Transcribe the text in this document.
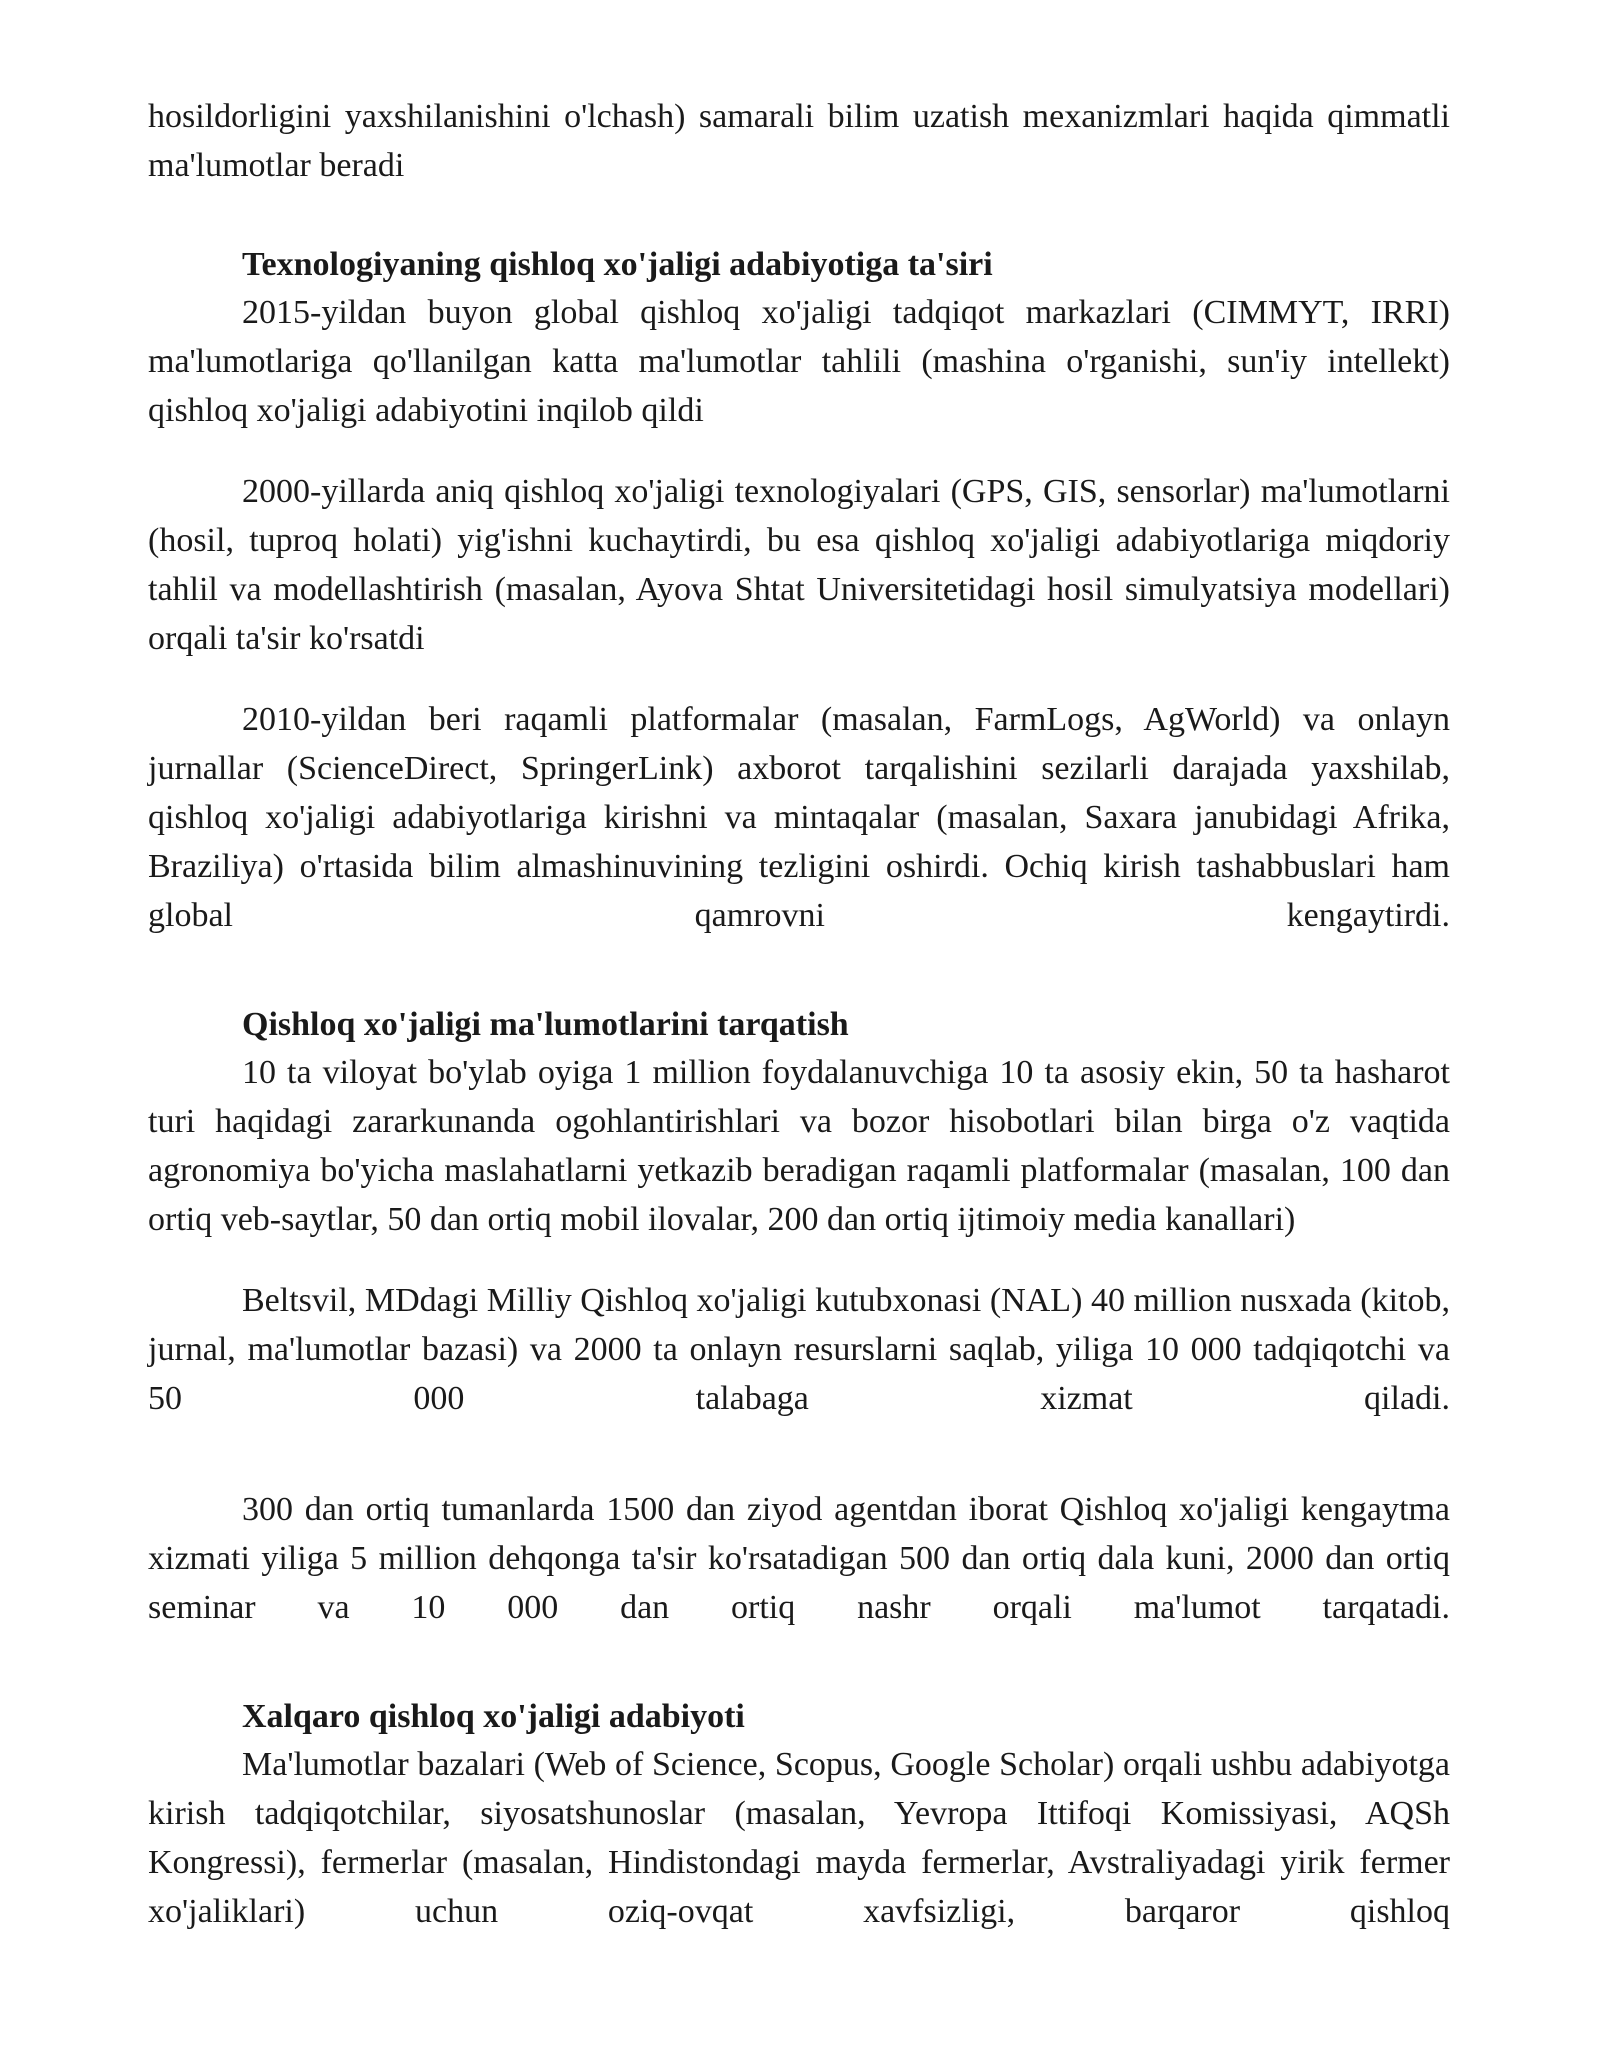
hosildorligini yaxshilanishini o'lchash) samarali bilim uzatish mexanizmlari haqida qimmatli ma'lumotlar beradi

Texnologiyaning qishloq xo'jaligi adabiyotiga ta'siri

2015-yildan buyon global qishloq xo'jaligi tadqiqot markazlari (CIMMYT, IRRI) ma'lumotlariga qo'llanilgan katta ma'lumotlar tahlili (mashina o'rganishi, sun'iy intellekt) qishloq xo'jaligi adabiyotini inqilob qildi

2000-yillarda aniq qishloq xo'jaligi texnologiyalari (GPS, GIS, sensorlar) ma'lumotlarni (hosil, tuproq holati) yig'ishni kuchaytirdi, bu esa qishloq xo'jaligi adabiyotlariga miqdoriy tahlil va modellashtirish (masalan, Ayova Shtat Universitetidagi hosil simulyatsiya modellari) orqali ta'sir ko'rsatdi

2010-yildan beri raqamli platformalar (masalan, FarmLogs, AgWorld) va onlayn jurnallar (ScienceDirect, SpringerLink) axborot tarqalishini sezilarli darajada yaxshilab, qishloq xo'jaligi adabiyotlariga kirishni va mintaqalar (masalan, Saxara janubidagi Afrika, Braziliya) o'rtasida bilim almashinuvining tezligini oshirdi. Ochiq kirish tashabbuslari ham global qamrovni kengaytirdi.

Qishloq xo'jaligi ma'lumotlarini tarqatish

10 ta viloyat bo'ylab oyiga 1 million foydalanuvchiga 10 ta asosiy ekin, 50 ta hasharot turi haqidagi zararkunanda ogohlantirishlari va bozor hisobotlari bilan birga o'z vaqtida agronomiya bo'yicha maslahatlarni yetkazib beradigan raqamli platformalar (masalan, 100 dan ortiq veb-saytlar, 50 dan ortiq mobil ilovalar, 200 dan ortiq ijtimoiy media kanallari)

Beltsvil, MDdagi Milliy Qishloq xo'jaligi kutubxonasi (NAL) 40 million nusxada (kitob, jurnal, ma'lumotlar bazasi) va 2000 ta onlayn resurslarni saqlab, yiliga 10 000 tadqiqotchi va 50 000 talabaga xizmat qiladi.

300 dan ortiq tumanlarda 1500 dan ziyod agentdan iborat Qishloq xo'jaligi kengaytma xizmati yiliga 5 million dehqonga ta'sir ko'rsatadigan 500 dan ortiq dala kuni, 2000 dan ortiq seminar va 10 000 dan ortiq nashr orqali ma'lumot tarqatadi.

Xalqaro qishloq xo'jaligi adabiyoti

Ma'lumotlar bazalari (Web of Science, Scopus, Google Scholar) orqali ushbu adabiyotga kirish tadqiqotchilar, siyosatshunoslar (masalan, Yevropa Ittifoqi Komissiyasi, AQSh Kongressi), fermerlar (masalan, Hindistondagi mayda fermerlar, Avstraliyadagi yirik fermer xo'jaliklari) uchun oziq-ovqat xavfsizligi, barqaror qishloq
